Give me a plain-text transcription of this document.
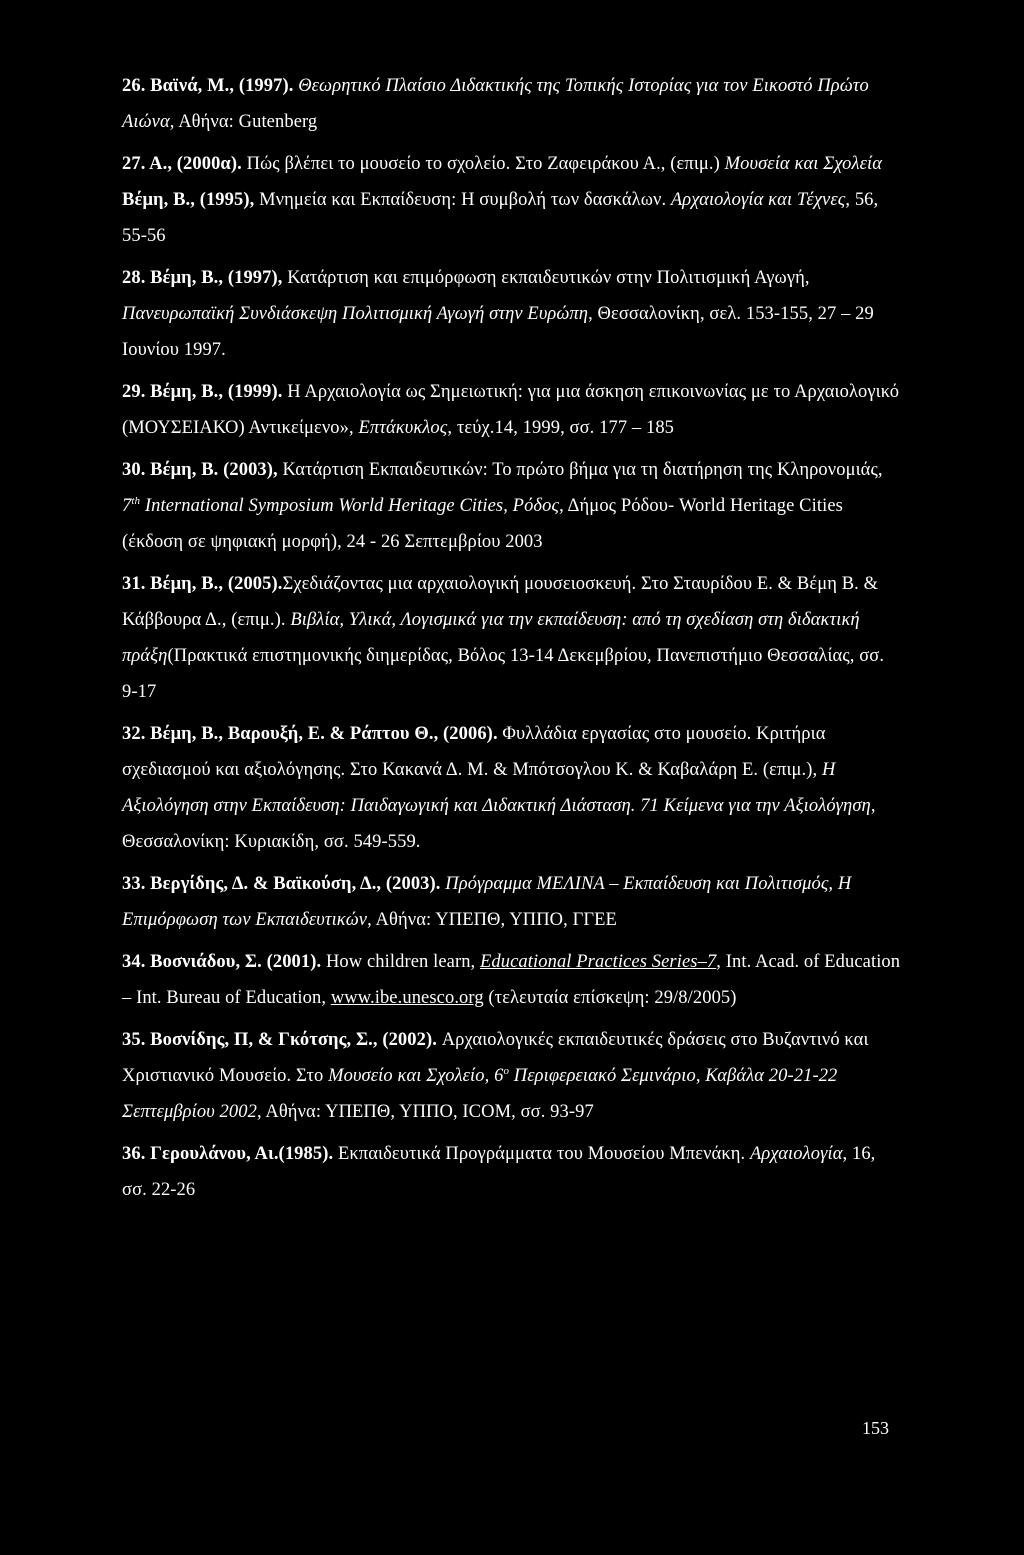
26. Βαϊνά, Μ., (1997). Θεωρητικό Πλαίσιο Διδακτικής της Τοπικής Ιστορίας για τον Εικοστό Πρώτο Αιώνα, Αθήνα: Gutenberg
27. Α., (2000α). Πώς βλέπει το μουσείο το σχολείο. Στο Ζαφειράκου Α., (επιμ.) Μουσεία και Σχολεία Βέμη, Β., (1995), Μνημεία και Εκπαίδευση: Η συμβολή των δασκάλων. Αρχαιολογία και Τέχνες, 56, 55-56
28. Βέμη, Β., (1997), Κατάρτιση και επιμόρφωση εκπαιδευτικών στην Πολιτισμική Αγωγή, Πανευρωπαϊκή Συνδιάσκεψη Πολιτισμική Αγωγή στην Ευρώπη, Θεσσαλονίκη, σελ. 153-155, 27 – 29 Ιουνίου 1997.
29. Βέμη, Β., (1999). Η Αρχαιολογία ως Σημειωτική: για μια άσκηση επικοινωνίας με το Αρχαιολογικό (ΜΟΥΣΕΙΑΚΟ) Αντικείμενο», Επτάκυκλος, τεύχ.14, 1999, σσ. 177 – 185
30. Βέμη, Β. (2003), Κατάρτιση Εκπαιδευτικών: Το πρώτο βήμα για τη διατήρηση της Κληρονομιάς, 7th International Symposium World Heritage Cities, Ρόδος, Δήμος Ρόδου- World Heritage Cities (έκδοση σε ψηφιακή μορφή), 24 - 26 Σεπτεμβρίου 2003
31. Βέμη, Β., (2005).Σχεδιάζοντας μια αρχαιολογική μουσειοσκευή. Στο Σταυρίδου Ε. & Βέμη Β. & Κάββουρα Δ., (επιμ.). Βιβλία, Υλικά, Λογισμικά για την εκπαίδευση: από τη σχεδίαση στη διδακτική πράξη(Πρακτικά επιστημονικής διημερίδας, Βόλος 13-14 Δεκεμβρίου, Πανεπιστήμιο Θεσσαλίας, σσ. 9-17
32. Βέμη, Β., Βαρουξή, Ε. & Ράπτου Θ., (2006). Φυλλάδια εργασίας στο μουσείο. Κριτήρια σχεδιασμού και αξιολόγησης. Στο Κακανά Δ. Μ. & Μπότσογλου Κ. & Καβαλάρη Ε. (επιμ.), Η Αξιολόγηση στην Εκπαίδευση: Παιδαγωγική και Διδακτική Διάσταση. 71 Κείμενα για την Αξιολόγηση, Θεσσαλονίκη: Κυριακίδη, σσ. 549-559.
33. Βεργίδης, Δ. & Βαϊκούση, Δ., (2003). Πρόγραμμα ΜΕΛΙΝΑ – Εκπαίδευση και Πολιτισμός, Η Επιμόρφωση των Εκπαιδευτικών, Αθήνα: ΥΠΕΠΘ, ΥΠΠΟ, ΓΓΕΕ
34. Βοσνιάδου, Σ. (2001). How children learn, Educational Practices Series–7, Int. Acad. of Education – Int. Bureau of Education, www.ibe.unesco.org (τελευταία επίσκεψη: 29/8/2005)
35. Βοσνίδης, Π, & Γκότσης, Σ., (2002). Αρχαιολογικές εκπαιδευτικές δράσεις στο Βυζαντινό και Χριστιανικό Μουσείο. Στο Μουσείο και Σχολείο, $6^o$ Περιφερειακό Σεμινάριο, Καβάλα 20-21-22 Σεπτεμβρίου 2002, Αθήνα: ΥΠΕΠΘ, ΥΠΠΟ, ICOM, σσ. 93-97
36. Γερουλάνου, Αι.(1985). Εκπαιδευτικά Προγράμματα του Μουσείου Μπενάκη. Αρχαιολογία, 16, σσ. 22-26
153
